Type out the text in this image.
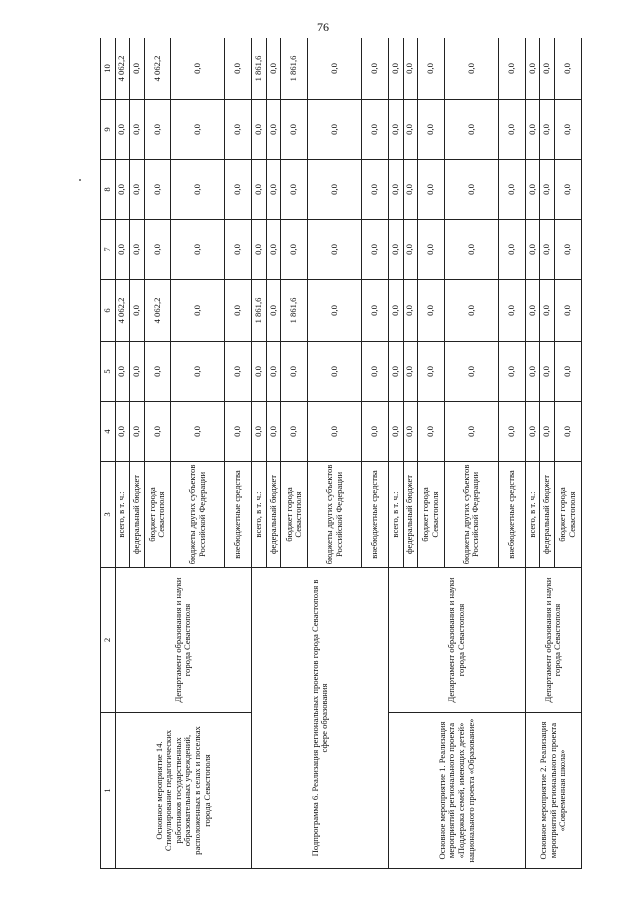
76
1	2	3	4	5	6	7	8	9	10
Основное мероприятие 14. Стимулирование педагогических работников государственных образовательных учреждений, расположенных в селах и поселках города Севастополя	Департамент образования и науки города Севастополя	всего, в т. ч.:	0,0	0,0	4 062,2	0,0	0,0	0,0	4 062,2
		федеральный бюджет	0,0	0,0	0,0	0,0	0,0	0,0	0,0
		бюджет города Севастополя	0,0	0,0	4 062,2	0,0	0,0	0,0	4 062,2
		бюджеты других субъектов Российской Федерации	0,0	0,0	0,0	0,0	0,0	0,0	0,0
		внебюджетные средства	0,0	0,0	0,0	0,0	0,0	0,0	0,0
Подпрограмма 6. Реализация региональных проектов города Севастополя в сфере образования		всего, в т. ч.:	0,0	0,0	1 861,6	0,0	0,0	0,0	1 861,6
		федеральный бюджет	0,0	0,0	0,0	0,0	0,0	0,0	0,0
		бюджет города Севастополя	0,0	0,0	1 861,6	0,0	0,0	0,0	1 861,6
		бюджеты других субъектов Российской Федерации	0,0	0,0	0,0	0,0	0,0	0,0	0,0
		внебюджетные средства	0,0	0,0	0,0	0,0	0,0	0,0	0,0
Основное мероприятие 1. Реализация мероприятий регионального проекта «Поддержка семей, имеющих детей» национального проекта «Образование»	Департамент образования и науки города Севастополя	всего, в т. ч.:	0,0	0,0	0,0	0,0	0,0	0,0	0,0
		федеральный бюджет	0,0	0,0	0,0	0,0	0,0	0,0	0,0
		бюджет города Севастополя	0,0	0,0	0,0	0,0	0,0	0,0	0,0
		бюджеты других субъектов Российской Федерации	0,0	0,0	0,0	0,0	0,0	0,0	0,0
		внебюджетные средства	0,0	0,0	0,0	0,0	0,0	0,0	0,0
Основное мероприятие 2. Реализация мероприятий регионального проекта «Современная школа»	Департамент образования и науки города Севастополя	всего, в т. ч.:	0,0	0,0	0,0	0,0	0,0	0,0	0,0
		федеральный бюджет	0,0	0,0	0,0	0,0	0,0	0,0	0,0
		бюджет города Севастополя	0,0	0,0	0,0	0,0	0,0	0,0	0,0
